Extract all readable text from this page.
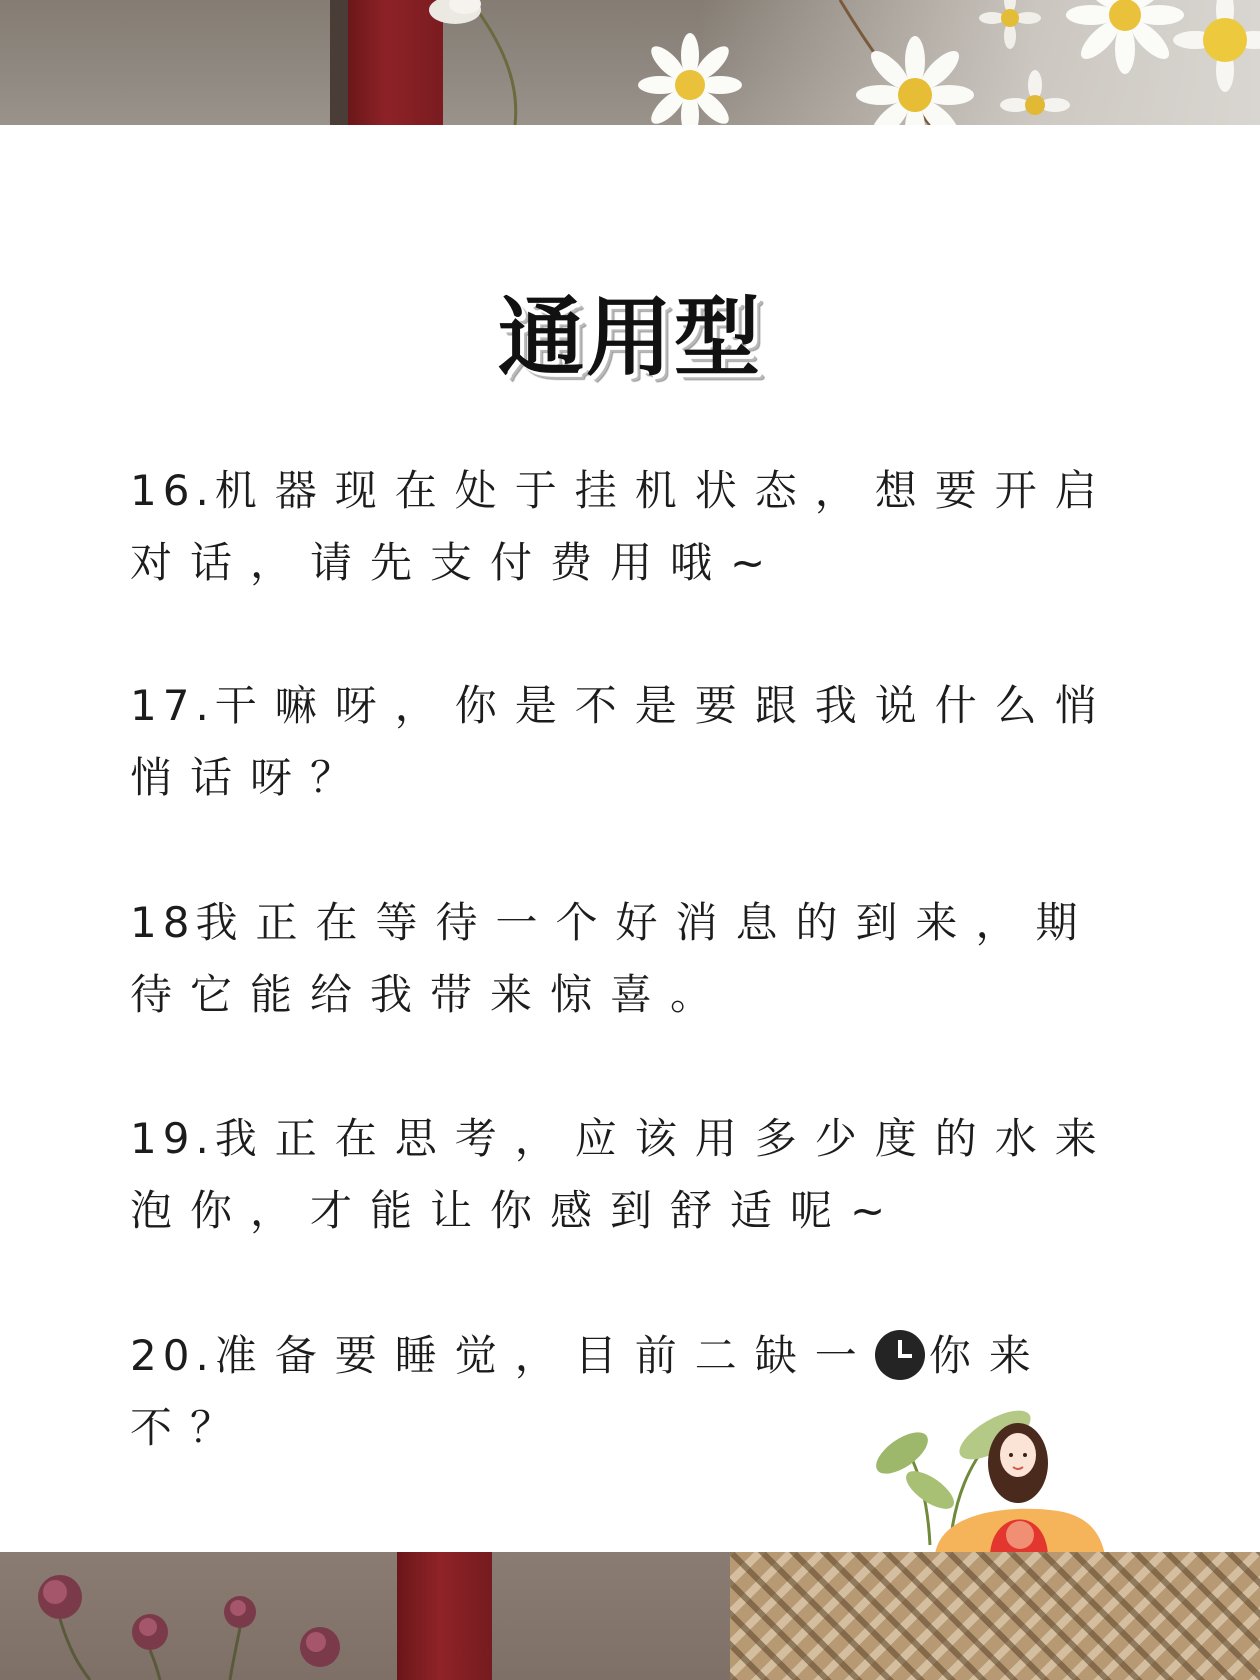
通用型
16.机器现在处于挂机状态，想要开启
对话，请先支付费用哦~
17.干嘛呀，你是不是要跟我说什么悄
悄话呀？
18我正在等待一个好消息的到来，期
待它能给我带来惊喜。
19.我正在思考，应该用多少度的水来
泡你，才能让你感到舒适呢~
20.准备要睡觉，目前二缺一 你来
不？
